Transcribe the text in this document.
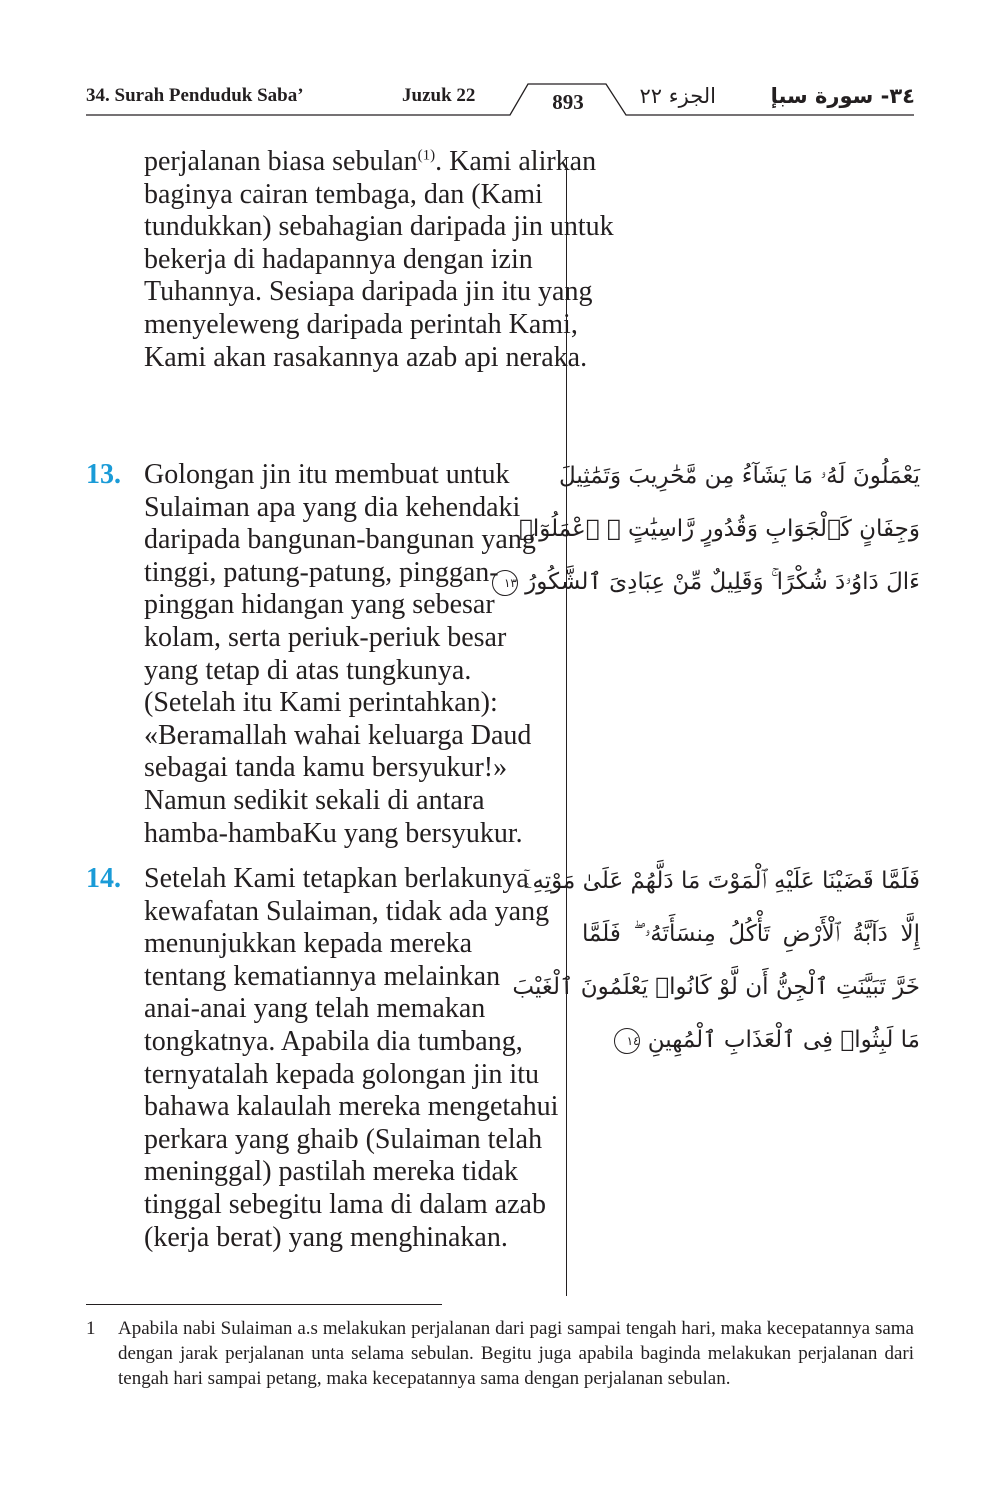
34. Surah Penduduk Saba’	Juzuk 22	893	الجزء ٢٢	٣٤- سورة سبإ

perjalanan biasa sebulan$^{(1)}$. Kami alirkan baginya cairan tembaga, dan (Kami tundukkan) sebahagian daripada jin untuk bekerja di hadapannya dengan izin Tuhannya. Sesiapa daripada jin itu yang menyeleweng daripada perintah Kami, Kami akan rasakannya azab api neraka.

13. Golongan jin itu membuat untuk Sulaiman apa yang dia kehendaki daripada bangunan-bangunan yang tinggi, patung-patung, pinggan-pinggan hidangan yang sebesar kolam, serta periuk-periuk besar yang tetap di atas tungkunya. (Setelah itu Kami perintahkan): «Beramallah wahai keluarga Daud sebagai tanda kamu bersyukur!» Namun sedikit sekali di antara hamba-hambaKu yang bersyukur.
يَعْمَلُونَ لَهُۥ مَا يَشَآءُ مِن مَّحَٰرِيبَ وَتَمَٰثِيلَ
وَجِفَانٍ كَٱلْجَوَابِ وَقُدُورٍ رَّاسِيَٰتٍ ۚ ٱعْمَلُوٓا۟
ءَالَ دَاوُۥدَ شُكْرًا ۚ وَقَلِيلٌ مِّنْ عِبَادِىَ ٱلشَّكُورُ ١٣
14. Setelah Kami tetapkan berlakunya kewafatan Sulaiman, tidak ada yang menunjukkan kepada mereka tentang kematiannya melainkan anai-anai yang telah memakan tongkatnya. Apabila dia tumbang, ternyatalah kepada golongan jin itu bahawa kalaulah mereka mengetahui perkara yang ghaib (Sulaiman telah meninggal) pastilah mereka tidak tinggal sebegitu lama di dalam azab (kerja berat) yang menghinakan.
فَلَمَّا قَضَيْنَا عَلَيْهِ ٱلْمَوْتَ مَا دَلَّهُمْ عَلَىٰ مَوْتِهِۦٓ
إِلَّا دَآبَّةُ ٱلْأَرْضِ تَأْكُلُ مِنسَأَتَهُۥ ۖ فَلَمَّا
خَرَّ تَبَيَّنَتِ ٱلْجِنُّ أَن لَّوْ كَانُوا۟ يَعْلَمُونَ ٱلْغَيْبَ
مَا لَبِثُوا۟ فِى ٱلْعَذَابِ ٱلْمُهِينِ ١٤
1 Apabila nabi Sulaiman a.s melakukan perjalanan dari pagi sampai tengah hari, maka kecepatannya sama dengan jarak perjalanan unta selama sebulan. Begitu juga apabila baginda melakukan perjalanan dari tengah hari sampai petang, maka kecepatannya sama dengan perjalanan sebulan.
